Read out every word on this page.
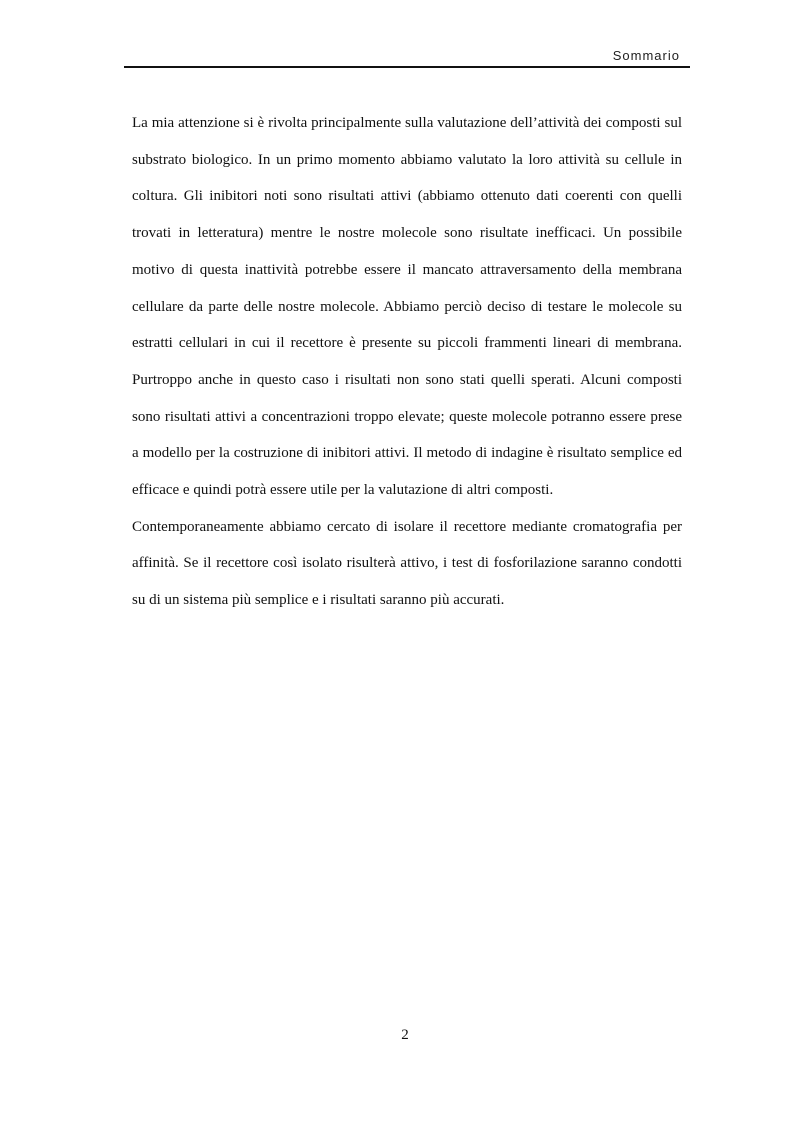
Sommario

La mia attenzione si è rivolta principalmente sulla valutazione dell’attività dei composti sul substrato biologico. In un primo momento abbiamo valutato la loro attività su cellule in coltura. Gli inibitori noti sono risultati attivi (abbiamo ottenuto dati coerenti con quelli trovati in letteratura) mentre le nostre molecole sono risultate inefficaci. Un possibile motivo di questa inattività potrebbe essere il mancato attraversamento della membrana cellulare da parte delle nostre molecole. Abbiamo perciò deciso di testare le molecole su estratti cellulari in cui il recettore è presente su piccoli frammenti lineari di membrana. Purtroppo anche in questo caso i risultati non sono stati quelli sperati. Alcuni composti sono risultati attivi a concentrazioni troppo elevate; queste molecole potranno essere prese a modello per la costruzione di inibitori attivi. Il metodo di indagine è risultato semplice ed efficace e quindi potrà essere utile per la valutazione di altri composti.

Contemporaneamente abbiamo cercato di isolare il recettore mediante cromatografia per affinità. Se il recettore così isolato risulterà attivo, i test di fosforilazione saranno condotti su di un sistema più semplice e i risultati saranno più accurati.

2
